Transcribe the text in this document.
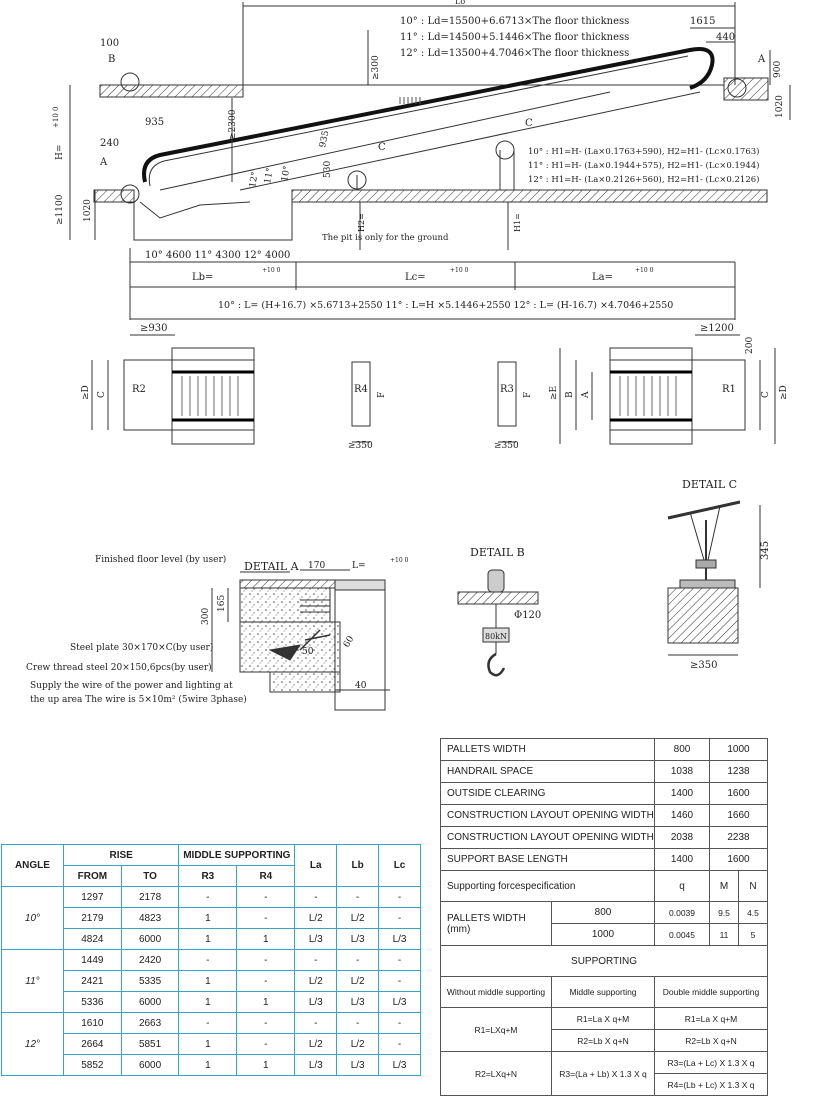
Lo
10° : Ld=15500+6.6713×The floor thickness
11° : Ld=14500+5.1446×The floor thickness
12° : Ld=13500+4.7046×The floor thickness
1615
440
100
B	A
900
1020
≥300
935
240
≥2300	935
530
C
C
12° 11° 10°
10° : H1=H- (La×0.1763+590), H2=H1- (Lc×0.1763)
11° : H1=H- (La×0.1944+575), H2=H1- (Lc×0.1944)
12° : H1=H- (La×0.2126+560), H2=H1- (Lc×0.2126)
H=
+10 0
A
≥1100 1020
H2=	H1=
The pit is only for the ground
10° 4600 11° 4300 12° 4000
Lb=
+10 0
Lc=
+10 0
La=
+10 0
10° : L= (H+16.7) ×5.6713+2550 11° : L=H ×5.1446+2550 12° : L= (H-16.7) ×4.7046+2550
≥930	≥1200
200
R2	R4	R3	R1
≥D C	F	F ≥E B A	C ≥D
≥350	≥350
DETAIL A
Finished floor level (by user)
170	L=
+10 0
165
300
50
60
40
Steel plate 30×170×C(by user)
Crew thread steel 20×150,6pcs(by user)
Supply the wire of the power and lighting at
the up area The wire is 5×10m² (5wire 3phase)
DETAIL B
Φ120
80kN
DETAIL C
345
≥350
ANGLE	RISE		MIDDLE SUPPORTING		La	Lb	Lc
	FROM	TO	R3	R4			
10°	1297	2178	-	-	-	-	-
	2179	4823	1	-	L/2	L/2	-
	4824	6000	1	1	L/3	L/3	L/3
11°	1449	2420	-	-	-	-	-
	2421	5335	1	-	L/2	L/2	-
	5336	6000	1	1	L/3	L/3	L/3
12°	1610	2663	-	-	-	-	-
	2664	5851	1	-	L/2	L/2	-
	5852	6000	1	1	L/3	L/3	L/3
PALLETS WIDTH		800	1000	
HANDRAIL SPACE		1038	1238	
OUTSIDE CLEARING		1400	1600	
CONSTRUCTION LAYOUT OPENING WIDTH		1460	1660	
CONSTRUCTION LAYOUT OPENING WIDTH		2038	2238	
SUPPORT BASE LENGTH		1400	1600	
Supporting forcespecification		q	M	N
PALLETS WIDTH
(mm)	800	0.0039	9.5	4.5
	1000	0.0045	11	5
SUPPORTING				
Without middle supporting	Middle supporting	Double middle supporting		
R1=LXq+M	R1=La X q+M	R1=La X q+M		
	R2=Lb X q+N	R2=Lb X q+N		
R2=LXq+N	R3=(La + Lb) X 1.3 X q	R3=(La + Lc) X 1.3 X q		
		R4=(Lb + Lc) X 1.3 X q		
